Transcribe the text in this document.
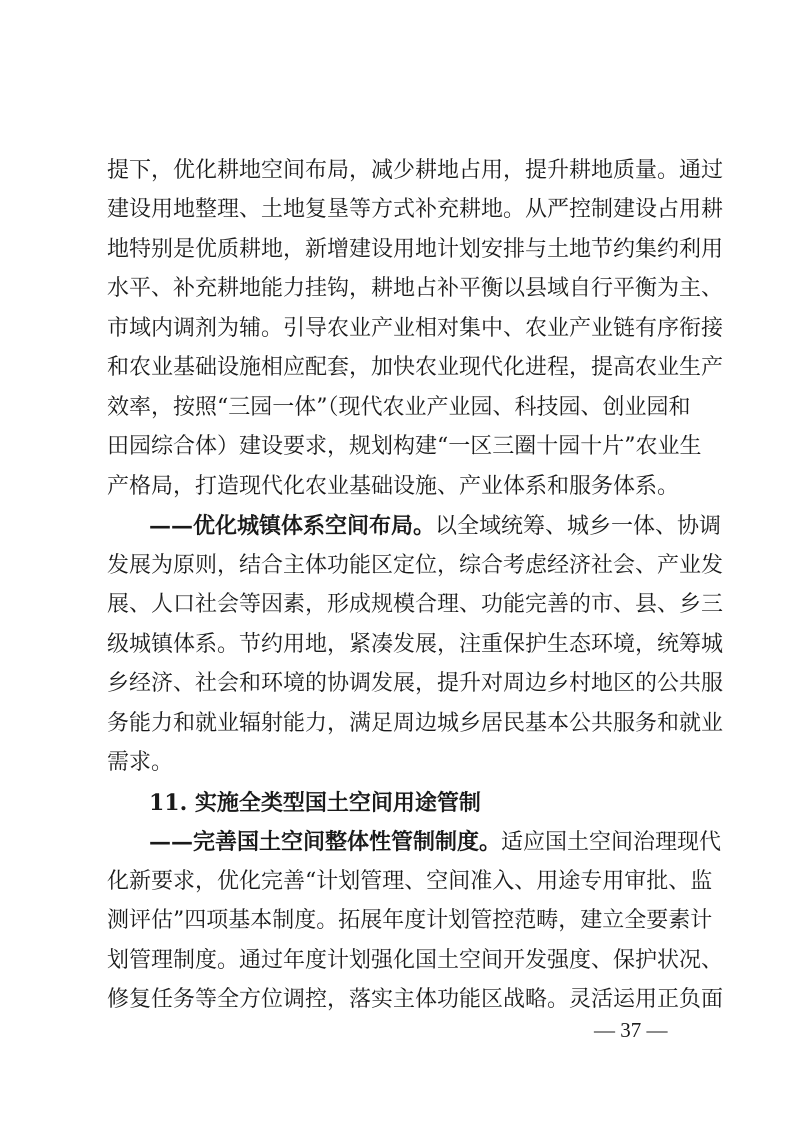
提下，优化耕地空间布局，减少耕地占用，提升耕地质量。通过
建设用地整理、土地复垦等方式补充耕地。从严控制建设占用耕
地特别是优质耕地，新增建设用地计划安排与土地节约集约利用
水平、补充耕地能力挂钩，耕地占补平衡以县域自行平衡为主、
市域内调剂为辅。引导农业产业相对集中、农业产业链有序衔接
和农业基础设施相应配套，加快农业现代化进程，提高农业生产
效率，按照“三园一体”（现代农业产业园、科技园、创业园和
田园综合体）建设要求，规划构建“一区三圈十园十片”农业生
产格局，打造现代化农业基础设施、产业体系和服务体系。
——优化城镇体系空间布局。以全域统筹、城乡一体、协调
发展为原则，结合主体功能区定位，综合考虑经济社会、产业发
展、人口社会等因素，形成规模合理、功能完善的市、县、乡三
级城镇体系。节约用地，紧凑发展，注重保护生态环境，统筹城
乡经济、社会和环境的协调发展，提升对周边乡村地区的公共服
务能力和就业辐射能力，满足周边城乡居民基本公共服务和就业
需求。
11. 实施全类型国土空间用途管制
——完善国土空间整体性管制制度。适应国土空间治理现代
化新要求，优化完善“计划管理、空间准入、用途专用审批、监
测评估”四项基本制度。拓展年度计划管控范畴，建立全要素计
划管理制度。通过年度计划强化国土空间开发强度、保护状况、
修复任务等全方位调控，落实主体功能区战略。灵活运用正负面
— 37 —
